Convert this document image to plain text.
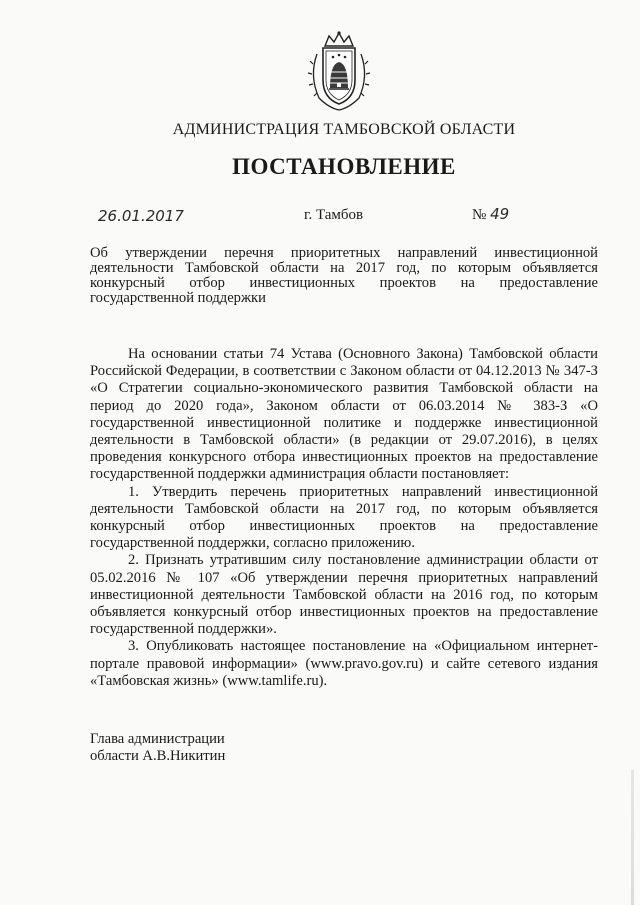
АДМИНИСТРАЦИЯ ТАМБОВСКОЙ ОБЛАСТИ
ПОСТАНОВЛЕНИЕ
26.01.2017	г. Тамбов	№ 49
Об утверждении перечня приоритетных направлений инвестиционной деятельности Тамбовской области на 2017 год, по которым объявляется конкурсный отбор инвестиционных проектов на предоставление государственной поддержки

На основании статьи 74 Устава (Основного Закона) Тамбовской области Российской Федерации, в соответствии с Законом области от 04.12.2013 № 347-З «О Стратегии социально-экономического развития Тамбовской области на период до 2020 года», Законом области от 06.03.2014 № 383-З «О государственной инвестиционной политике и поддержке инвестиционной деятельности в Тамбовской области» (в редакции от 29.07.2016), в целях проведения конкурсного отбора инвестиционных проектов на предоставление государственной поддержки администрация области постановляет:

1. Утвердить перечень приоритетных направлений инвестиционной деятельности Тамбовской области на 2017 год, по которым объявляется конкурсный отбор инвестиционных проектов на предоставление государственной поддержки, согласно приложению.

2. Признать утратившим силу постановление администрации области от 05.02.2016 № 107 «Об утверждении перечня приоритетных направлений инвестиционной деятельности Тамбовской области на 2016 год, по которым объявляется конкурсный отбор инвестиционных проектов на предоставление государственной поддержки».

3. Опубликовать настоящее постановление на «Официальном интернет-портале правовой информации» (www.pravo.gov.ru) и сайте сетевого издания «Тамбовская жизнь» (www.tamlife.ru).

Глава администрации
области А.В.Никитин
